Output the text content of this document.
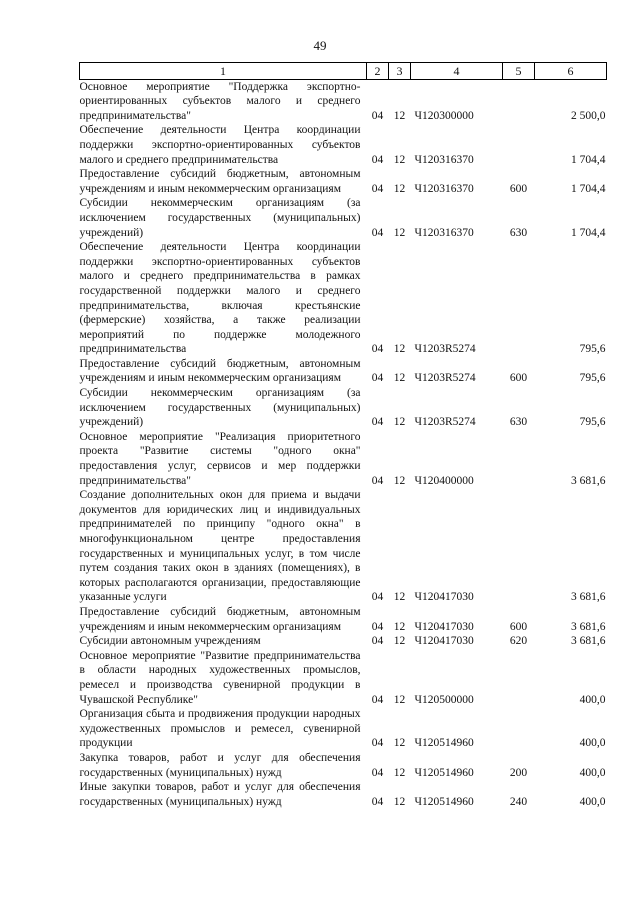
49
1	2	3	4	5	6
Основное мероприятие "Поддержка экспортно-ориентированных субъектов малого и среднего предпринимательства"	04	12	Ч120300000		2 500,0
Обеспечение деятельности Центра координации поддержки экспортно-ориентированных субъектов малого и среднего предпринимательства	04	12	Ч120316370		1 704,4
Предоставление субсидий бюджетным, автономным учреждениям и иным некоммерческим организациям	04	12	Ч120316370	600	1 704,4
Субсидии некоммерческим организациям (за исключением государственных (муниципальных) учреждений)	04	12	Ч120316370	630	1 704,4
Обеспечение деятельности Центра координации поддержки экспортно-ориентированных субъектов малого и среднего предпринимательства в рамках государственной поддержки малого и среднего предпринимательства, включая крестьянские (фермерские) хозяйства, а также реализации мероприятий по поддержке молодежного предпринимательства	04	12	Ч1203R5274		795,6
Предоставление субсидий бюджетным, автономным учреждениям и иным некоммерческим организациям	04	12	Ч1203R5274	600	795,6
Субсидии некоммерческим организациям (за исключением государственных (муниципальных) учреждений)	04	12	Ч1203R5274	630	795,6
Основное мероприятие "Реализация приоритетного проекта "Развитие системы "одного окна" предоставления услуг, сервисов и мер поддержки предпринимательства"	04	12	Ч120400000		3 681,6
Создание дополнительных окон для приема и выдачи документов для юридических лиц и индивидуальных предпринимателей по принципу "одного окна" в многофункциональном центре предоставления государственных и муниципальных услуг, в том числе путем создания таких окон в зданиях (помещениях), в которых располагаются организации, предоставляющие указанные услуги	04	12	Ч120417030		3 681,6
Предоставление субсидий бюджетным, автономным учреждениям и иным некоммерческим организациям	04	12	Ч120417030	600	3 681,6
Субсидии автономным учреждениям	04	12	Ч120417030	620	3 681,6
Основное мероприятие "Развитие предпринимательства в области народных художественных промыслов, ремесел и производства сувенирной продукции в Чувашской Республике"	04	12	Ч120500000		400,0
Организация сбыта и продвижения продукции народных художественных промыслов и ремесел, сувенирной продукции	04	12	Ч120514960		400,0
Закупка товаров, работ и услуг для обеспечения государственных (муниципальных) нужд	04	12	Ч120514960	200	400,0
Иные закупки товаров, работ и услуг для обеспечения государственных (муниципальных) нужд	04	12	Ч120514960	240	400,0
